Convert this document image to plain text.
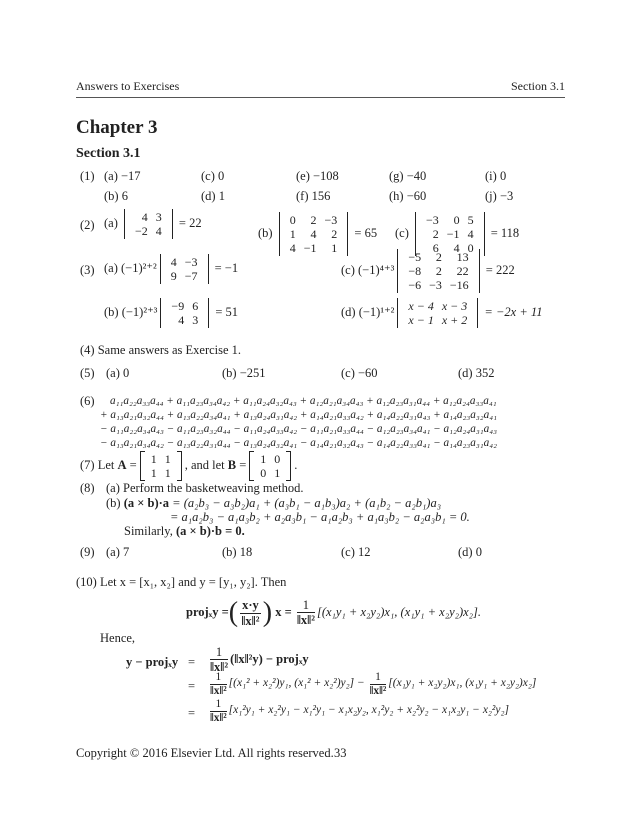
Answers to Exercises	Section 3.1
Chapter 3
Section 3.1
(1) (a) −17
(b) 6
(c) 0
(d) 1
(e) −108
(f) 156
(g) −40
(h) −60
(i) 0
(j) −3
(2) (a) 4	3
−2	4
= 22
(b)
0	2	−3
1	4	2
4	−1	1
= 65 (c)
−3	0	5
2	−1	4
6	4	0
= 118
(3) (a) (−1)²⁺² 4	−3
9	−7
= −1
(b) (−1)²⁺³ −9	6
4	3
= 51
(c) (−1)⁴⁺³
−5	2	13
−8	2	22
−6	−3	−16
= 222
(d) (−1)¹⁺² x − 4	x − 3
x − 1	x + 2
= −2x + 11
(4) Same answers as Exercise 1.
(5) (a) 0	(b) −251	(c) −60	(d) 352
(6) a₁₁a₂₂a₃₃a₄₄ + a₁₁a₂₃a₃₄a₄₂ + a₁₁a₂₄a₃₂a₄₃ + a₁₂a₂₁a₃₄a₄₃ + a₁₂a₂₃a₃₁a₄₄ + a₁₂a₂₄a₃₃a₄₁
+ a₁₃a₂₁a₃₂a₄₄ + a₁₃a₂₂a₃₄a₄₁ + a₁₃a₂₄a₃₁a₄₂ + a₁₄a₂₁a₃₃a₄₂ + a₁₄a₂₂a₃₁a₄₃ + a₁₄a₂₃a₃₂a₄₁
− a₁₁a₂₂a₃₄a₄₃ − a₁₁a₂₃a₃₂a₄₄ − a₁₁a₂₄a₃₃a₄₂ − a₁₁a₂₁a₃₃a₄₄ − a₁₂a₂₃a₃₄a₄₁ − a₁₂a₂₄a₃₁a₄₃
− a₁₃a₂₁a₃₄a₄₂ − a₁₃a₂₂a₃₁a₄₄ − a₁₃a₂₄a₃₂a₄₁ − a₁₄a₂₁a₃₂a₄₃ − a₁₄a₂₂a₃₃a₄₁ − a₁₄a₂₃a₃₁a₄₂
(7) Let A = 1	1
1	1
, and let B = 1	0
0	1
.
(8) (a) Perform the basketweaving method.
(b) (a × b)·a = (a₂b₃ − a₃b₂)a₁ + (a₃b₁ − a₁b₃)a₂ + (a₁b₂ − a₂b₁)a₃
= a₁a₂b₃ − a₁a₃b₂ + a₂a₃b₁ − a₁a₂b₃ + a₁a₃b₂ − a₂a₃b₁ = 0.
Similarly, (a × b)·b = 0.
(9) (a) 7	(b) 18	(c) 12	(d) 0
(10) Let x = [x₁, x₂] and y = [y₁, y₂]. Then
projₓy =( $\frac{x\cdot y}{\text{‖x‖²}}$ ) $x = \frac{1}{\text{‖x‖²}} [(x_1y_1 + x_2y_2)x_1$, (x₁y₁ + x₂y₂)x₂].
Hence,
y − projₓy =
=
=
$\frac{1}{\text{‖x‖²}}$ (‖x‖²y) − projₓy
$\frac{1}{\text{‖x‖²}} [(x_1^2 + x_2^2)y_1$, $(x_1^2 + x_2^2)y_2] - \frac{1}{\text{‖x‖²}} [(x_1y_1 + x_2y_2)x_1$, (x₁y₁ + x₂y₂)x₂]
$\frac{1}{\text{‖x‖²}} [x_1^2y_1 + x_2^2y_1 - x_1^2y_1 - x_1x_2y_2$, x₁²y₂ + x₂²y₂ − x₁x₂y₁ − x₂²y₂]
Copyright © 2016 Elsevier Ltd. All rights reserved. 33
